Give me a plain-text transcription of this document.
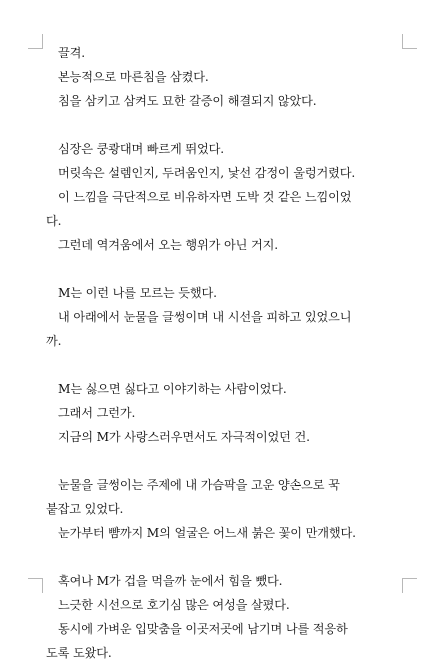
끌격.
본능적으로 마른침을 삼켰다.
침을 삼키고 삼켜도 묘한 갈증이 해결되지 않았다.
심장은 쿵쾅대며 빠르게 뛰었다.
머릿속은 설렘인지, 두려움인지, 낯선 감정이 울렁거렸다.
이 느낌을 극단적으로 비유하자면 도박 것 같은 느낌이었
다.
그런데 역겨움에서 오는 행위가 아닌 거지.
M는 이런 나를 모르는 듯했다.
내 아래에서 눈물을 글썽이며 내 시선을 피하고 있었으니
까.
M는 싫으면 싫다고 이야기하는 사람이었다.
그래서 그런가.
지금의 M가 사랑스러우면서도 자극적이었던 건.
눈물을 글썽이는 주제에 내 가슴팍을 고운 양손으로 꾹
붙잡고 있었다.
눈가부터 뺨까지 M의 얼굴은 어느새 붉은 꽃이 만개했다.
혹여나 M가 겁을 먹을까 눈에서 힘을 뺐다.
느긋한 시선으로 호기심 많은 여성을 살폈다.
동시에 가벼운 입맞춤을 이곳저곳에 남기며 나를 적응하
도록 도왔다.
